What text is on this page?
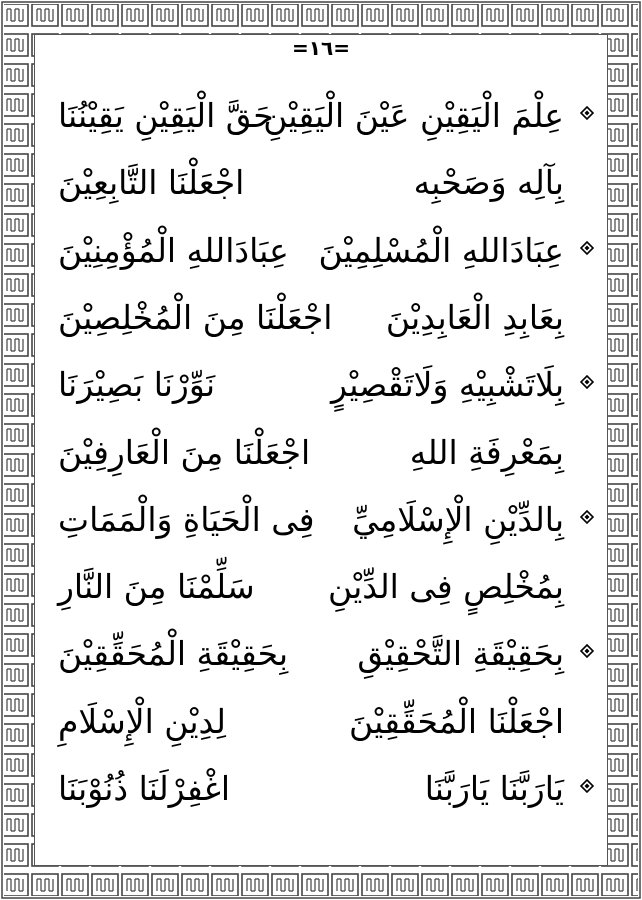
=١٦=
عِلْمَ الْيَقِيْنِ عَيْنَ الْيَقِيْنِ
حَقَّ الْيَقِيْنِ يَقِيْنُنَا
بِآلِه وَصَحْبِه
اجْعَلْنَا التَّابِعِيْنَ
عِبَادَاللهِ الْمُسْلِمِيْنَ
عِبَادَاللهِ الْمُؤْمِنِيْنَ
بِعَابِدِ الْعَابِدِيْنَ
اجْعَلْنَا مِنَ الْمُخْلِصِيْنَ
بِلَاتَشْبِيْهِ وَلَاتَقْصِيْرٍ
نَوِّرْنَا بَصِيْرَنَا
بِمَعْرِفَةِ اللهِ
اجْعَلْنَا مِنَ الْعَارِفِيْنَ
بِالدِّيْنِ الْإِسْلَامِيِّ
فِى الْحَيَاةِ وَالْمَمَاتِ
بِمُخْلِصٍ فِى الدِّيْنِ
سَلِّمْنَا مِنَ النَّارِ
بِحَقِيْقَةِ التَّحْقِيْقِ
بِحَقِيْقَةِ الْمُحَقِّقِيْنَ
اجْعَلْنَا الْمُحَقِّقِيْنَ
لِدِيْنِ الْإِسْلَامِ
يَارَبَّنَا يَارَبَّنَا
اغْفِرْلَنَا ذُنُوْبَنَا
